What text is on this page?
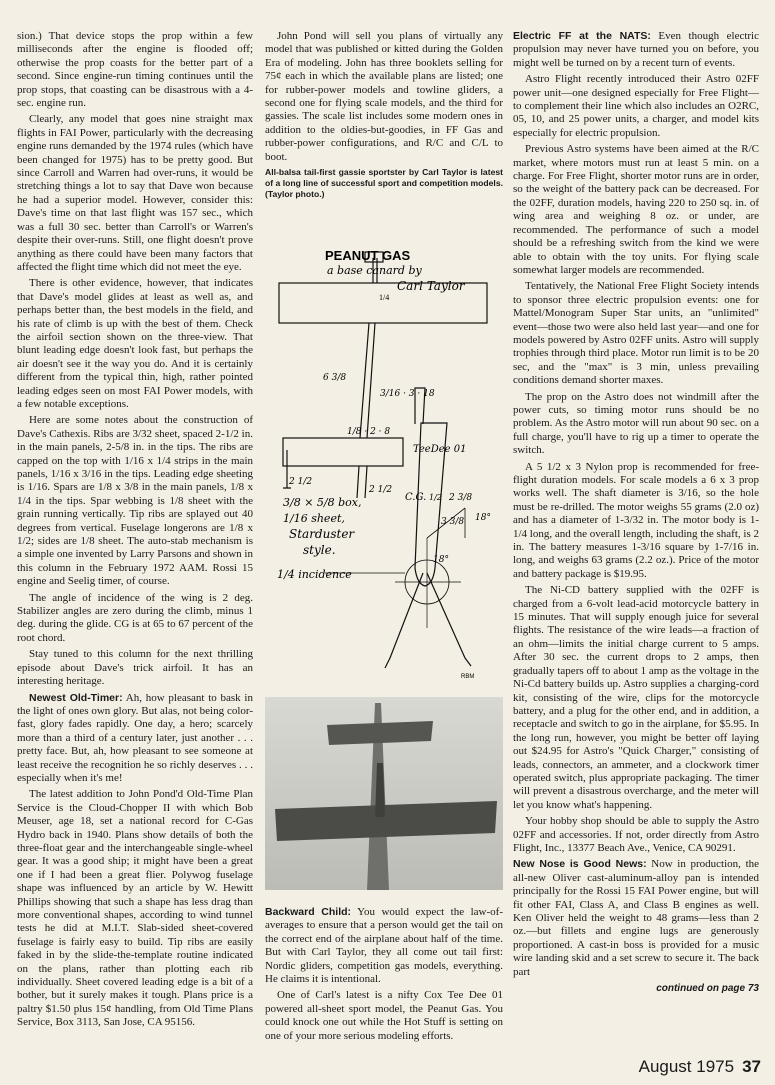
sion.) That device stops the prop within a few milliseconds after the engine is flooded off; otherwise the prop coasts for the better part of a second. Since engine-run timing continues until the prop stops, that coasting can be disastrous with a 4-sec. engine run.

Clearly, any model that goes nine straight max flights in FAI Power, particularly with the decreasing engine runs demanded by the 1974 rules (which have been changed for 1975) has to be pretty good. But since Carroll and Warren had over-runs, it would be stretching things a lot to say that Dave won because he had a superior model. However, consider this: Dave's time on that last flight was 157 sec., which was a full 30 sec. better than Carroll's or Warren's despite their over-runs. Still, one flight doesn't prove anything as there could have been many factors that affected the flight time which did not meet the eye.

There is other evidence, however, that indicates that Dave's model glides at least as well as, and perhaps better than, the best models in the field, and his rate of climb is up with the best of them. Check the airfoil section shown on the three-view. That blunt leading edge doesn't look fast, but perhaps the air doesn't see it the way you do. And it is certainly different from the typical thin, high, rather pointed leading edges seen on most FAI Power models, with a few notable exceptions.

Here are some notes about the construction of Dave's Cathexis. Ribs are 3/32 sheet, spaced 2-1/2 in. in the main panels, 2-5/8 in. in the tips. The ribs are capped on the top with 1/16 x 1/4 strips in the main panels, 1/16 x 3/16 in the tips. Leading edge sheeting is 1/16. Spars are 1/8 x 3/8 in the main panels, 1/8 x 1/4 in the tips. Spar webbing is 1/8 sheet with the grain running vertically. Tip ribs are splayed out 40 degrees from vertical. Fuselage longerons are 1/8 x 1/2; sides are 1/8 sheet. The auto-stab mechanism is a simple one invented by Larry Parsons and shown in this column in the February 1972 AAM. Rossi 15 engine and Seelig timer, of course.

The angle of incidence of the wing is 2 deg. Stabilizer angles are zero during the climb, minus 1 deg. during the glide. CG is at 65 to 67 percent of the root chord.

Stay tuned to this column for the next thrilling episode about Dave's trick airfoil. It has an interesting heritage.

Newest Old-Timer: Ah, how pleasant to bask in the light of ones own glory. But alas, not being color-fast, glory fades rapidly. One day, a hero; scarcely more than a third of a century later, just another . . . pretty face. But, ah, how pleasant to see someone at least receive the recognition he so richly deserves . . . especially when it's me!

The latest addition to John Pond'd Old-Time Plan Service is the Cloud-Chopper II with which Bob Meuser, age 18, set a national record for C-Gas Hydro back in 1940. Plans show details of both the three-float gear and the interchangeable single-wheel gear. It was a good ship; it might have been a great one if I had been a great flier. Polywog fuselage shape was influenced by an article by W. Hewitt Phillips showing that such a shape has less drag than more conventional shapes, according to wind tunnel tests he did at M.I.T. Slab-sided sheet-covered fuselage is fairly easy to build. Tip ribs are easily faked in by the slide-the-template routine indicated on the plans, rather than plotting each rib individually. Sheet covered leading edge is a bit of a bother, but it surely makes it tough. Plans price is a paltry $1.50 plus 15¢ handling, from Old Time Plans Service, Box 3113, San Jose, CA 95156.

John Pond will sell you plans of virtually any model that was published or kitted during the Golden Era of modeling. John has three booklets selling for 75¢ each in which the available plans are listed; one for rubber-power models and towline gliders, a second one for flying scale models, and the third for gassies. The scale list includes some modern ones in addition to the oldies-but-goodies, in FF Gas and rubber-power configurations, and R/C and C/L to boot.

All-balsa tail-first gassie sportster by Carl Taylor is latest of a long line of successful sport and competition models. (Taylor photo.)

PEANUT GAS
a base canard by
Carl Taylor
1/4
6 3/8
3/16 · 3 · 18
1/8 · 2 · 8
TeeDee 01
2 1/2
2 1/2
C.G. 1/2 2 3/8
3 3/8 18°
18°
3/8 × 5/8 box,
1/16 sheet,
Starduster
style.
1/4 incidence
RBM

Backward Child: You would expect the law-of-averages to ensure that a person would get the tail on the correct end of the airplane about half of the time. But with Carl Taylor, they all come out tail first: Nordic gliders, competition gas models, everything. He claims it is intentional.

One of Carl's latest is a nifty Cox Tee Dee 01 powered all-sheet sport model, the Peanut Gas. You could knock one out while the Hot Stuff is setting on one of your more serious modeling efforts.

Electric FF at the NATS: Even though electric propulsion may never have turned you on before, you might well be turned on by a recent turn of events.

Astro Flight recently introduced their Astro 02FF power unit—one designed especially for Free Flight—to complement their line which also includes an O2RC, 05, 10, and 25 power units, a charger, and model kits especially for electric propulsion.

Previous Astro systems have been aimed at the R/C market, where motors must run at least 5 min. on a charge. For Free Flight, shorter motor runs are in order, so the weight of the battery pack can be decreased. For the 02FF, duration models, having 220 to 250 sq. in. of wing area and weighing 8 oz. or under, are recommended. The performance of such a model should be a refreshing switch from the kind we were able to obtain with the toy units. For flying scale somewhat larger models are recommended.

Tentatively, the National Free Flight Society intends to sponsor three electric propulsion events: one for Mattel/Monogram Super Star units, an "unlimited" event—those two were also held last year—and one for models powered by Astro 02FF units. Astro will supply trophies through third place. Motor run limit is to be 20 sec, and the "max" is 3 min, unless prevailing conditions demand shorter maxes.

The prop on the Astro does not windmill after the power cuts, so timing motor runs should be no problem. As the Astro motor will run about 90 sec. on a full charge, you'll have to rig up a timer to operate the switch.

A 5 1/2 x 3 Nylon prop is recommended for free-flight duration models. For scale models a 6 x 3 prop works well. The shaft diameter is 3/16, so the hole must be re-drilled. The motor weighs 55 grams (2.0 oz) and has a diameter of 1-3/32 in. The motor body is 1-1/4 long, and the overall length, including the shaft, is 2 in. The battery measures 1-3/16 square by 1-7/16 in. long, and weighs 63 grams (2.2 oz.). Price of the motor and battery package is $19.95.

The Ni-CD battery supplied with the 02FF is charged from a 6-volt lead-acid motorcycle battery in 15 minutes. That will supply enough juice for several flights. The resistance of the wire leads—a fraction of an ohm—limits the initial charge current to 5 amps. After 30 sec. the current drops to 2 amps, then gradually tapers off to about 1 amp as the voltage in the Ni-Cd battery builds up. Astro supplies a charging-cord kit, consisting of the wire, clips for the motorcycle battery, and a plug for the other end, and in addition, a receptacle and switch to go in the airplane, for $5.95. In the long run, however, you might be better off laying out $24.95 for Astro's "Quick Charger," consisting of leads, connectors, an ammeter, and a clockwork timer operated switch, plus appropriate packaging. The timer will prevent a disastrous overcharge, and the meter will let you know what's happening.

Your hobby shop should be able to supply the Astro 02FF and accessories. If not, order directly from Astro Flight, Inc., 13377 Beach Ave., Venice, CA 90291.

New Nose is Good News: Now in production, the all-new Oliver cast-aluminum-alloy pan is intended principally for the Rossi 15 FAI Power engine, but will fit other FAI, Class A, and Class B engines as well. Ken Oliver held the weight to 48 grams—less than 2 oz.—but fillets and engine lugs are generously proportioned. A cast-in boss is provided for a music wire landing skid and a set screw to secure it. The back part

continued on page 73
August 1975 37
